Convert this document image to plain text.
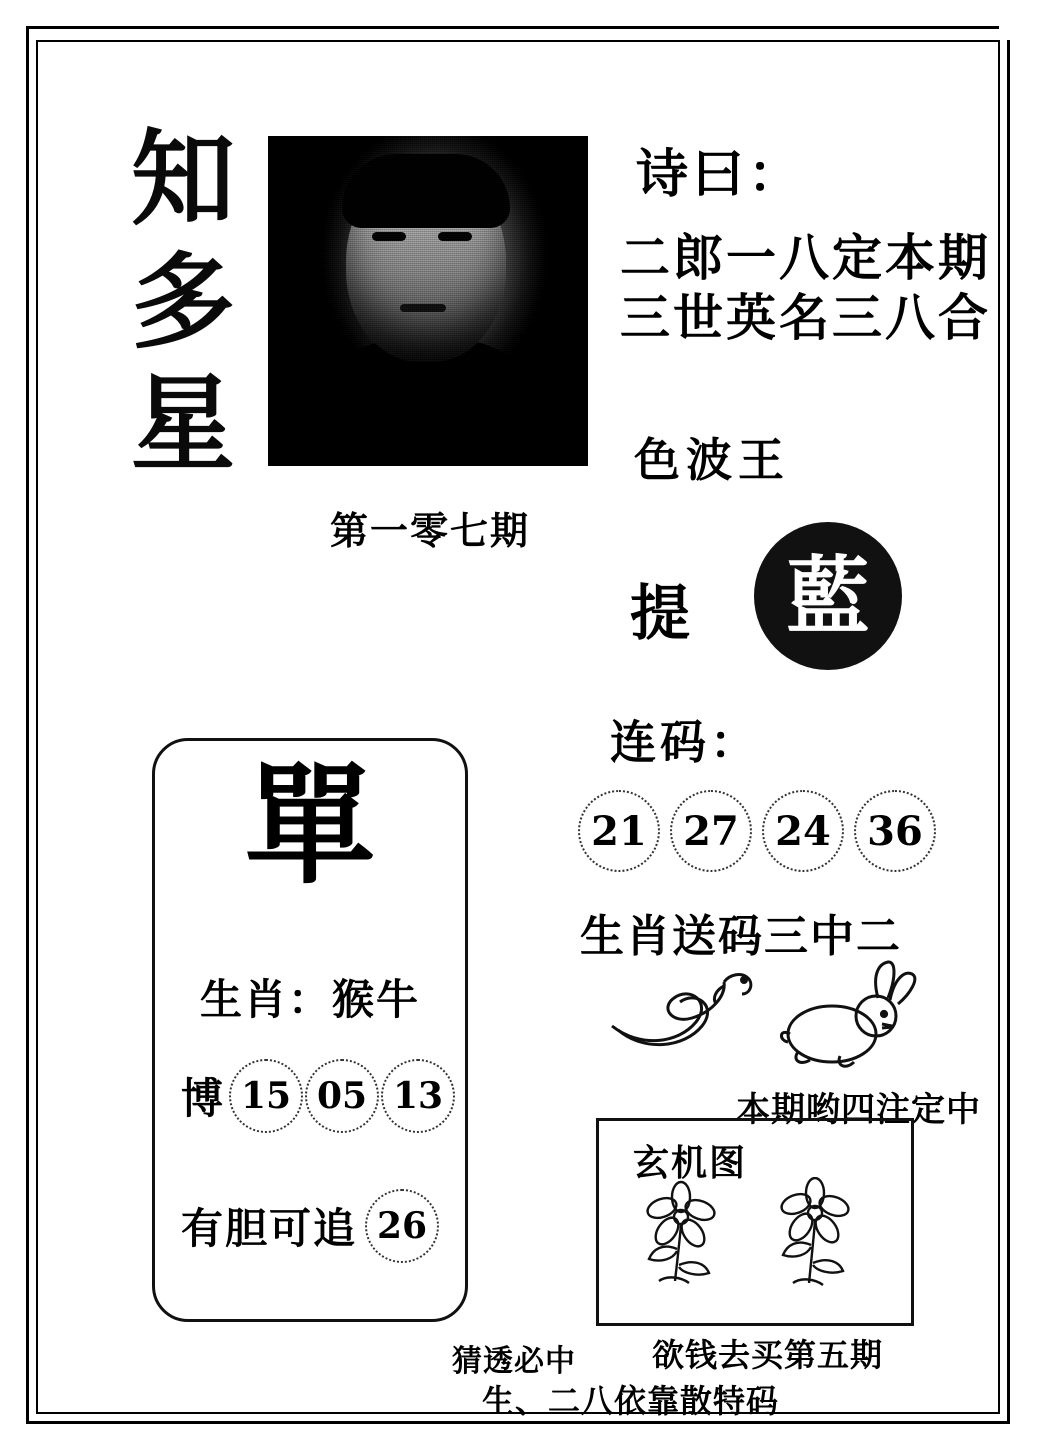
知
多
星
第一零七期
诗曰：
二郎一八定本期
三世英名三八合
色波王
提	藍
连码：
21 27 24 36
生肖送码三中二
本期哟四注定中
單
生肖：猴牛
博 15 05 13
有胆可追 26
玄机图
猜透必中 欲钱去买第五期
生、二八依靠散特码
